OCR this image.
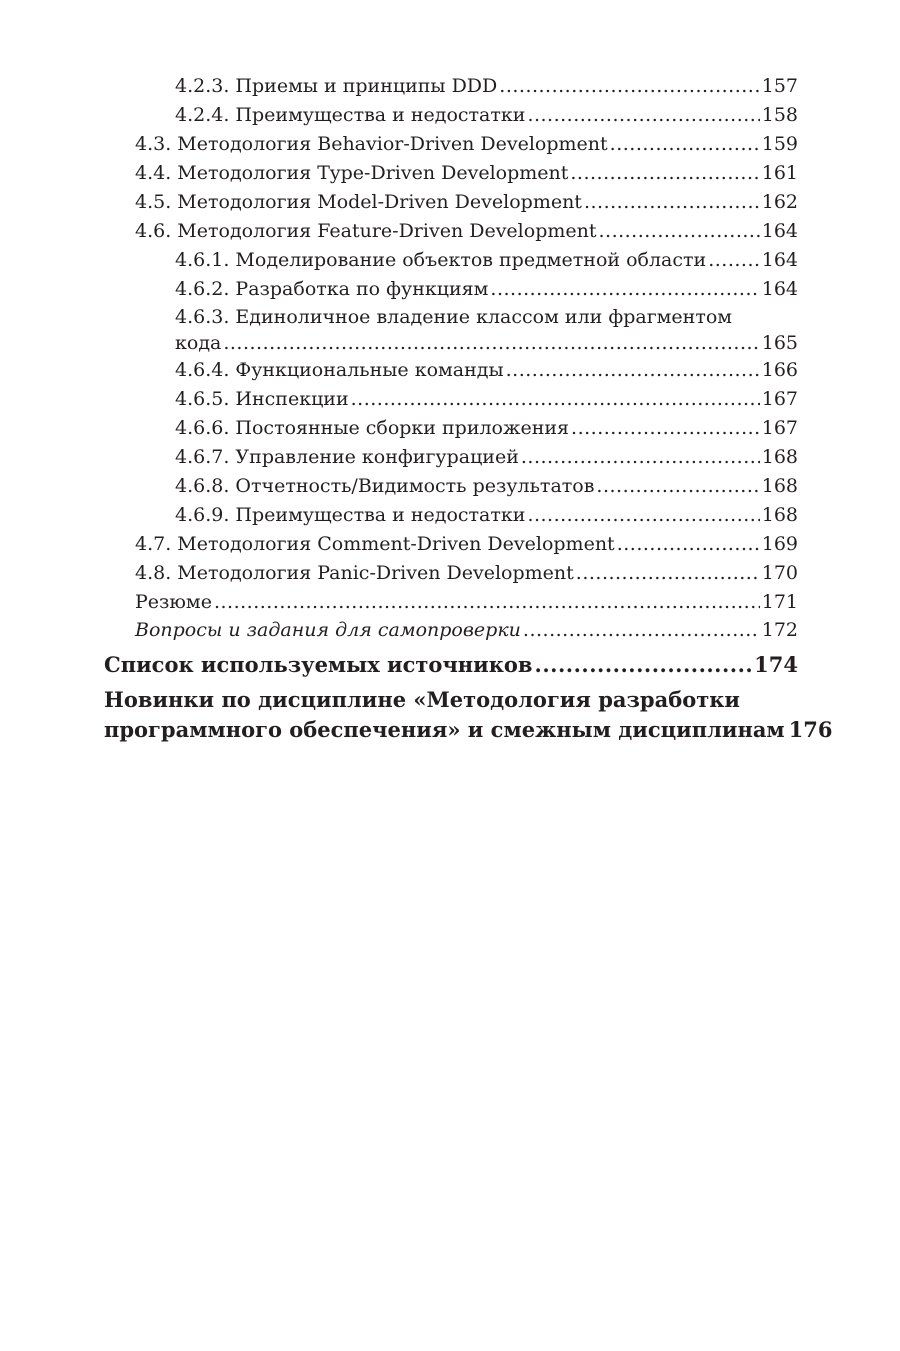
4.2.3. Приемы и принципы DDD .....	157
4.2.4. Преимущества и недостатки .....	158
4.3. Методология Behavior-Driven Development .....	159
4.4. Методология Type-Driven Development .....	161
4.5. Методология Model-Driven Development .....	162
4.6. Методология Feature-Driven Development .....	164
4.6.1. Моделирование объектов предметной области .....	164
4.6.2. Разработка по функциям .....	164
4.6.3. Единоличное владение классом или фрагментом
кода .....	165
4.6.4. Функциональные команды .....	166
4.6.5. Инспекции .....	167
4.6.6. Постоянные сборки приложения .....	167
4.6.7. Управление конфигурацией .....	168
4.6.8. Отчетность/Видимость результатов .....	168
4.6.9. Преимущества и недостатки .....	168
4.7. Методология Comment-Driven Development .....	169
4.8. Методология Panic-Driven Development .....	170
Резюме .....	171
Вопросы и задания для самопроверки .....	172
Список используемых источников .....	174
Новинки по дисциплине «Методология разработки
программного обеспечения» и смежным дисциплинам 176
